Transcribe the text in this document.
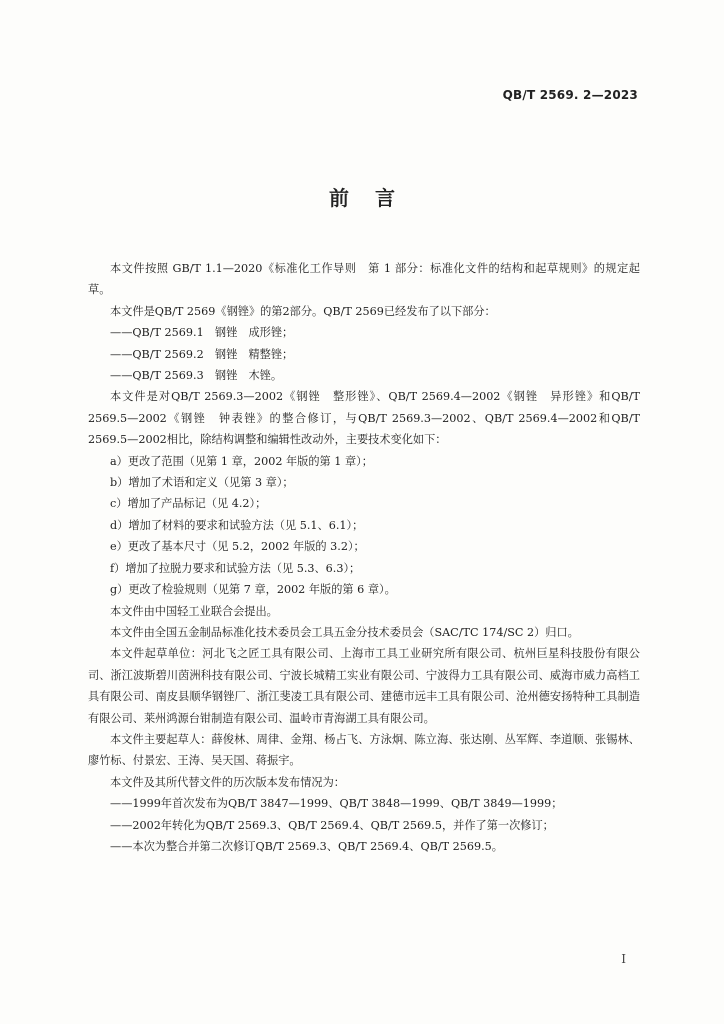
QB/T 2569. 2—2023
前言

本文件按照 GB/T 1.1—2020《标准化工作导则　第 1 部分：标准化文件的结构和起草规则》的规定起草。

本文件是QB/T 2569《钢锉》的第2部分。QB/T 2569已经发布了以下部分：

——QB/T 2569.1　钢锉　成形锉；

——QB/T 2569.2　钢锉　精整锉；

——QB/T 2569.3　钢锉　木锉。

本文件是对QB/T 2569.3—2002《钢锉　整形锉》、QB/T 2569.4—2002《钢锉　异形锉》和QB/T 2569.5—2002《钢锉　钟表锉》的整合修订，与QB/T 2569.3—2002、QB/T 2569.4—2002和QB/T 2569.5—2002相比，除结构调整和编辑性改动外，主要技术变化如下：

a）更改了范围（见第 1 章，2002 年版的第 1 章）；

b）增加了术语和定义（见第 3 章）；

c）增加了产品标记（见 4.2）；

d）增加了材料的要求和试验方法（见 5.1、6.1）；

e）更改了基本尺寸（见 5.2，2002 年版的 3.2）；

f）增加了拉脱力要求和试验方法（见 5.3、6.3）；

g）更改了检验规则（见第 7 章，2002 年版的第 6 章）。

本文件由中国轻工业联合会提出。

本文件由全国五金制品标准化技术委员会工具五金分技术委员会（SAC/TC 174/SC 2）归口。

本文件起草单位：河北飞之匠工具有限公司、上海市工具工业研究所有限公司、杭州巨星科技股份有限公司、浙江波斯碧川茵洲科技有限公司、宁波长城精工实业有限公司、宁波得力工具有限公司、威海市威力高档工具有限公司、南皮县顺华钢锉厂、浙江斐凌工具有限公司、建德市远丰工具有限公司、沧州德安扬特种工具制造有限公司、莱州鸿源台钳制造有限公司、温岭市青海湖工具有限公司。

本文件主要起草人：薛俊林、周律、金翔、杨占飞、方泳炯、陈立海、张达刚、丛军辉、李道顺、张锡林、廖竹标、付景宏、王涛、吴天国、蒋振宇。

本文件及其所代替文件的历次版本发布情况为：

——1999年首次发布为QB/T 3847—1999、QB/T 3848—1999、QB/T 3849—1999；

——2002年转化为QB/T 2569.3、QB/T 2569.4、QB/T 2569.5，并作了第一次修订；

——本次为整合并第二次修订QB/T 2569.3、QB/T 2569.4、QB/T 2569.5。

I
